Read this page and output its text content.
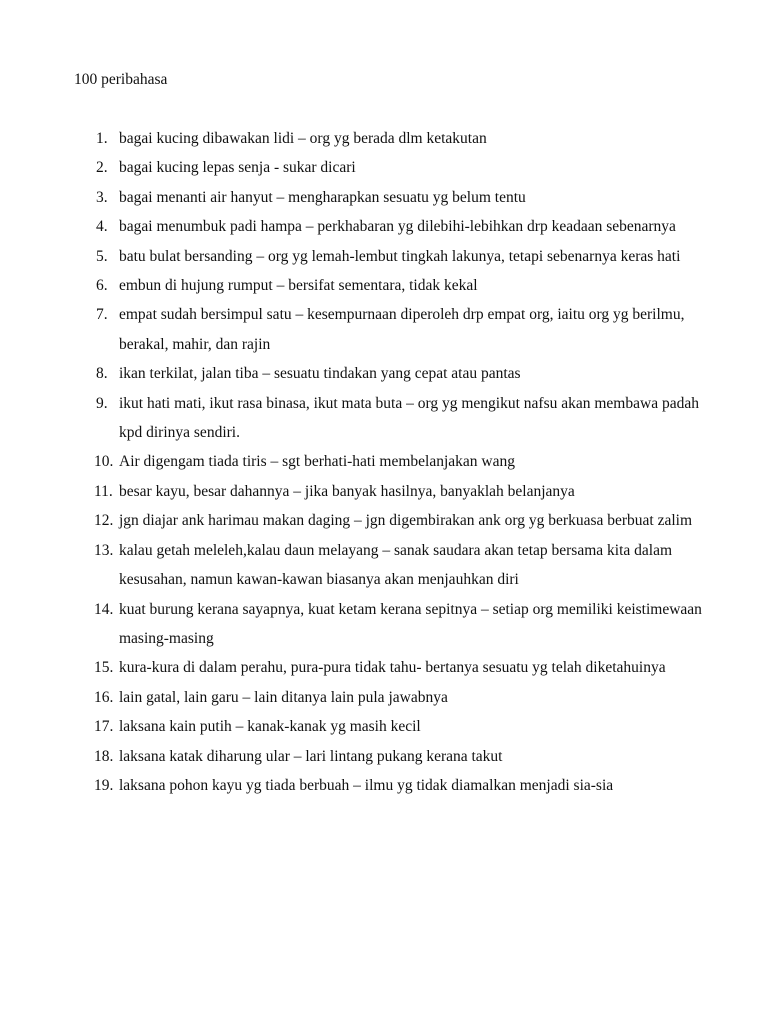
100 peribahasa
1. bagai kucing dibawakan lidi – org yg berada dlm ketakutan
2. bagai kucing lepas senja - sukar dicari
3. bagai menanti air hanyut – mengharapkan sesuatu yg belum tentu
4. bagai menumbuk padi hampa – perkhabaran yg dilebihi-lebihkan drp keadaan sebenarnya
5. batu bulat bersanding – org yg lemah-lembut tingkah lakunya, tetapi sebenarnya keras hati
6. embun di hujung rumput – bersifat sementara, tidak kekal
7. empat sudah bersimpul satu – kesempurnaan diperoleh drp empat org, iaitu org yg berilmu, berakal, mahir, dan rajin
8. ikan terkilat, jalan tiba – sesuatu tindakan yang cepat atau pantas
9. ikut hati mati, ikut rasa binasa, ikut mata buta – org yg mengikut nafsu akan membawa padah kpd dirinya sendiri.
10. Air digengam tiada tiris – sgt berhati-hati membelanjakan wang
11. besar kayu, besar dahannya – jika banyak hasilnya, banyaklah belanjanya
12. jgn diajar ank harimau makan daging – jgn digembirakan ank org yg berkuasa berbuat zalim
13. kalau getah meleleh,kalau daun melayang – sanak saudara akan tetap bersama kita dalam kesusahan, namun kawan-kawan biasanya akan menjauhkan diri
14. kuat burung kerana sayapnya, kuat ketam kerana sepitnya – setiap org memiliki keistimewaan masing-masing
15. kura-kura di dalam perahu, pura-pura tidak tahu- bertanya sesuatu yg telah diketahuinya
16. lain gatal, lain garu – lain ditanya lain pula jawabnya
17. laksana kain putih – kanak-kanak yg masih kecil
18. laksana katak diharung ular – lari lintang pukang kerana takut
19. laksana pohon kayu yg tiada berbuah – ilmu yg tidak diamalkan menjadi sia-sia
